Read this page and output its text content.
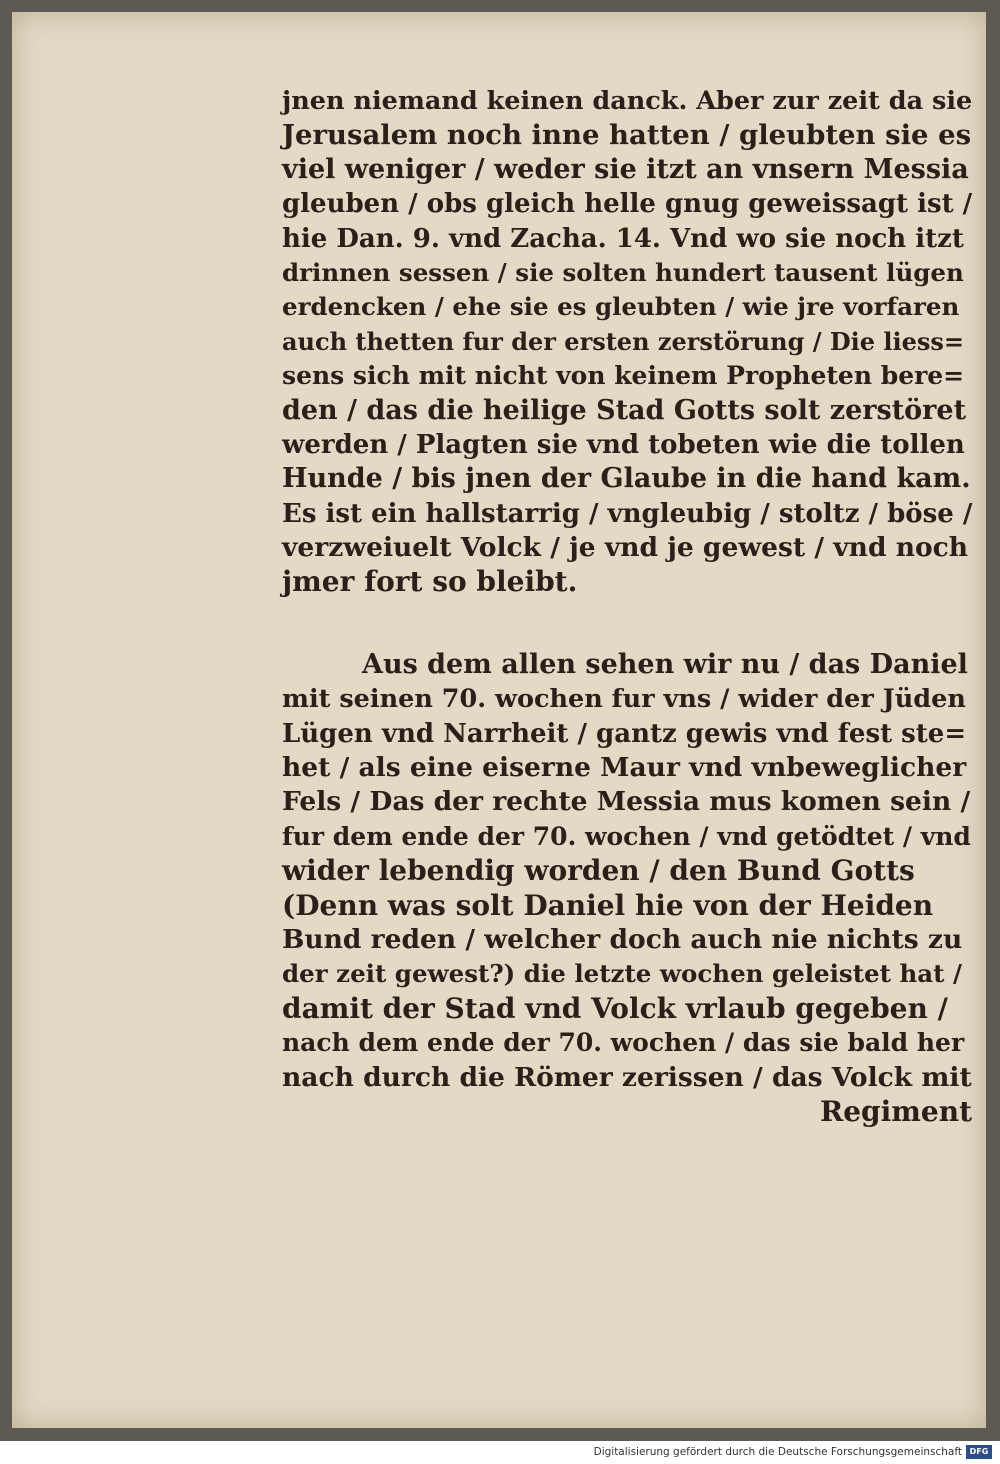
jnen niemand keinen danck. Aber zur zeit da sie
Jerusalem noch inne hatten / gleubten sie es
viel weniger / weder sie itzt an vnsern Messia
gleuben / obs gleich helle gnug geweissagt ist /
hie Dan. 9. vnd Zacha. 14. Vnd wo sie noch itzt
drinnen sessen / sie solten hundert tausent lügen
erdencken / ehe sie es gleubten / wie jre vorfaren
auch thetten fur der ersten zerstörung / Die liess=
sens sich mit nicht von keinem Propheten bere=
den / das die heilige Stad Gotts solt zerstöret
werden / Plagten sie vnd tobeten wie die tollen
Hunde / bis jnen der Glaube in die hand kam.
Es ist ein hallstarrig / vngleubig / stoltz / böse /
verzweiuelt Volck / je vnd je gewest / vnd noch
jmer fort so bleibt.
Aus dem allen sehen wir nu / das Daniel
mit seinen 70. wochen fur vns / wider der Jüden
Lügen vnd Narrheit / gantz gewis vnd fest ste=
het / als eine eiserne Maur vnd vnbeweglicher
Fels / Das der rechte Messia mus komen sein /
fur dem ende der 70. wochen / vnd getödtet / vnd
wider lebendig worden / den Bund Gotts
(Denn was solt Daniel hie von der Heiden
Bund reden / welcher doch auch nie nichts zu
der zeit gewest?) die letzte wochen geleistet hat /
damit der Stad vnd Volck vrlaub gegeben /
nach dem ende der 70. wochen / das sie bald her
nach durch die Römer zerissen / das Volck mit
Regiment
Digitalisierung gefördert durch die Deutsche Forschungsgemeinschaft DFG
